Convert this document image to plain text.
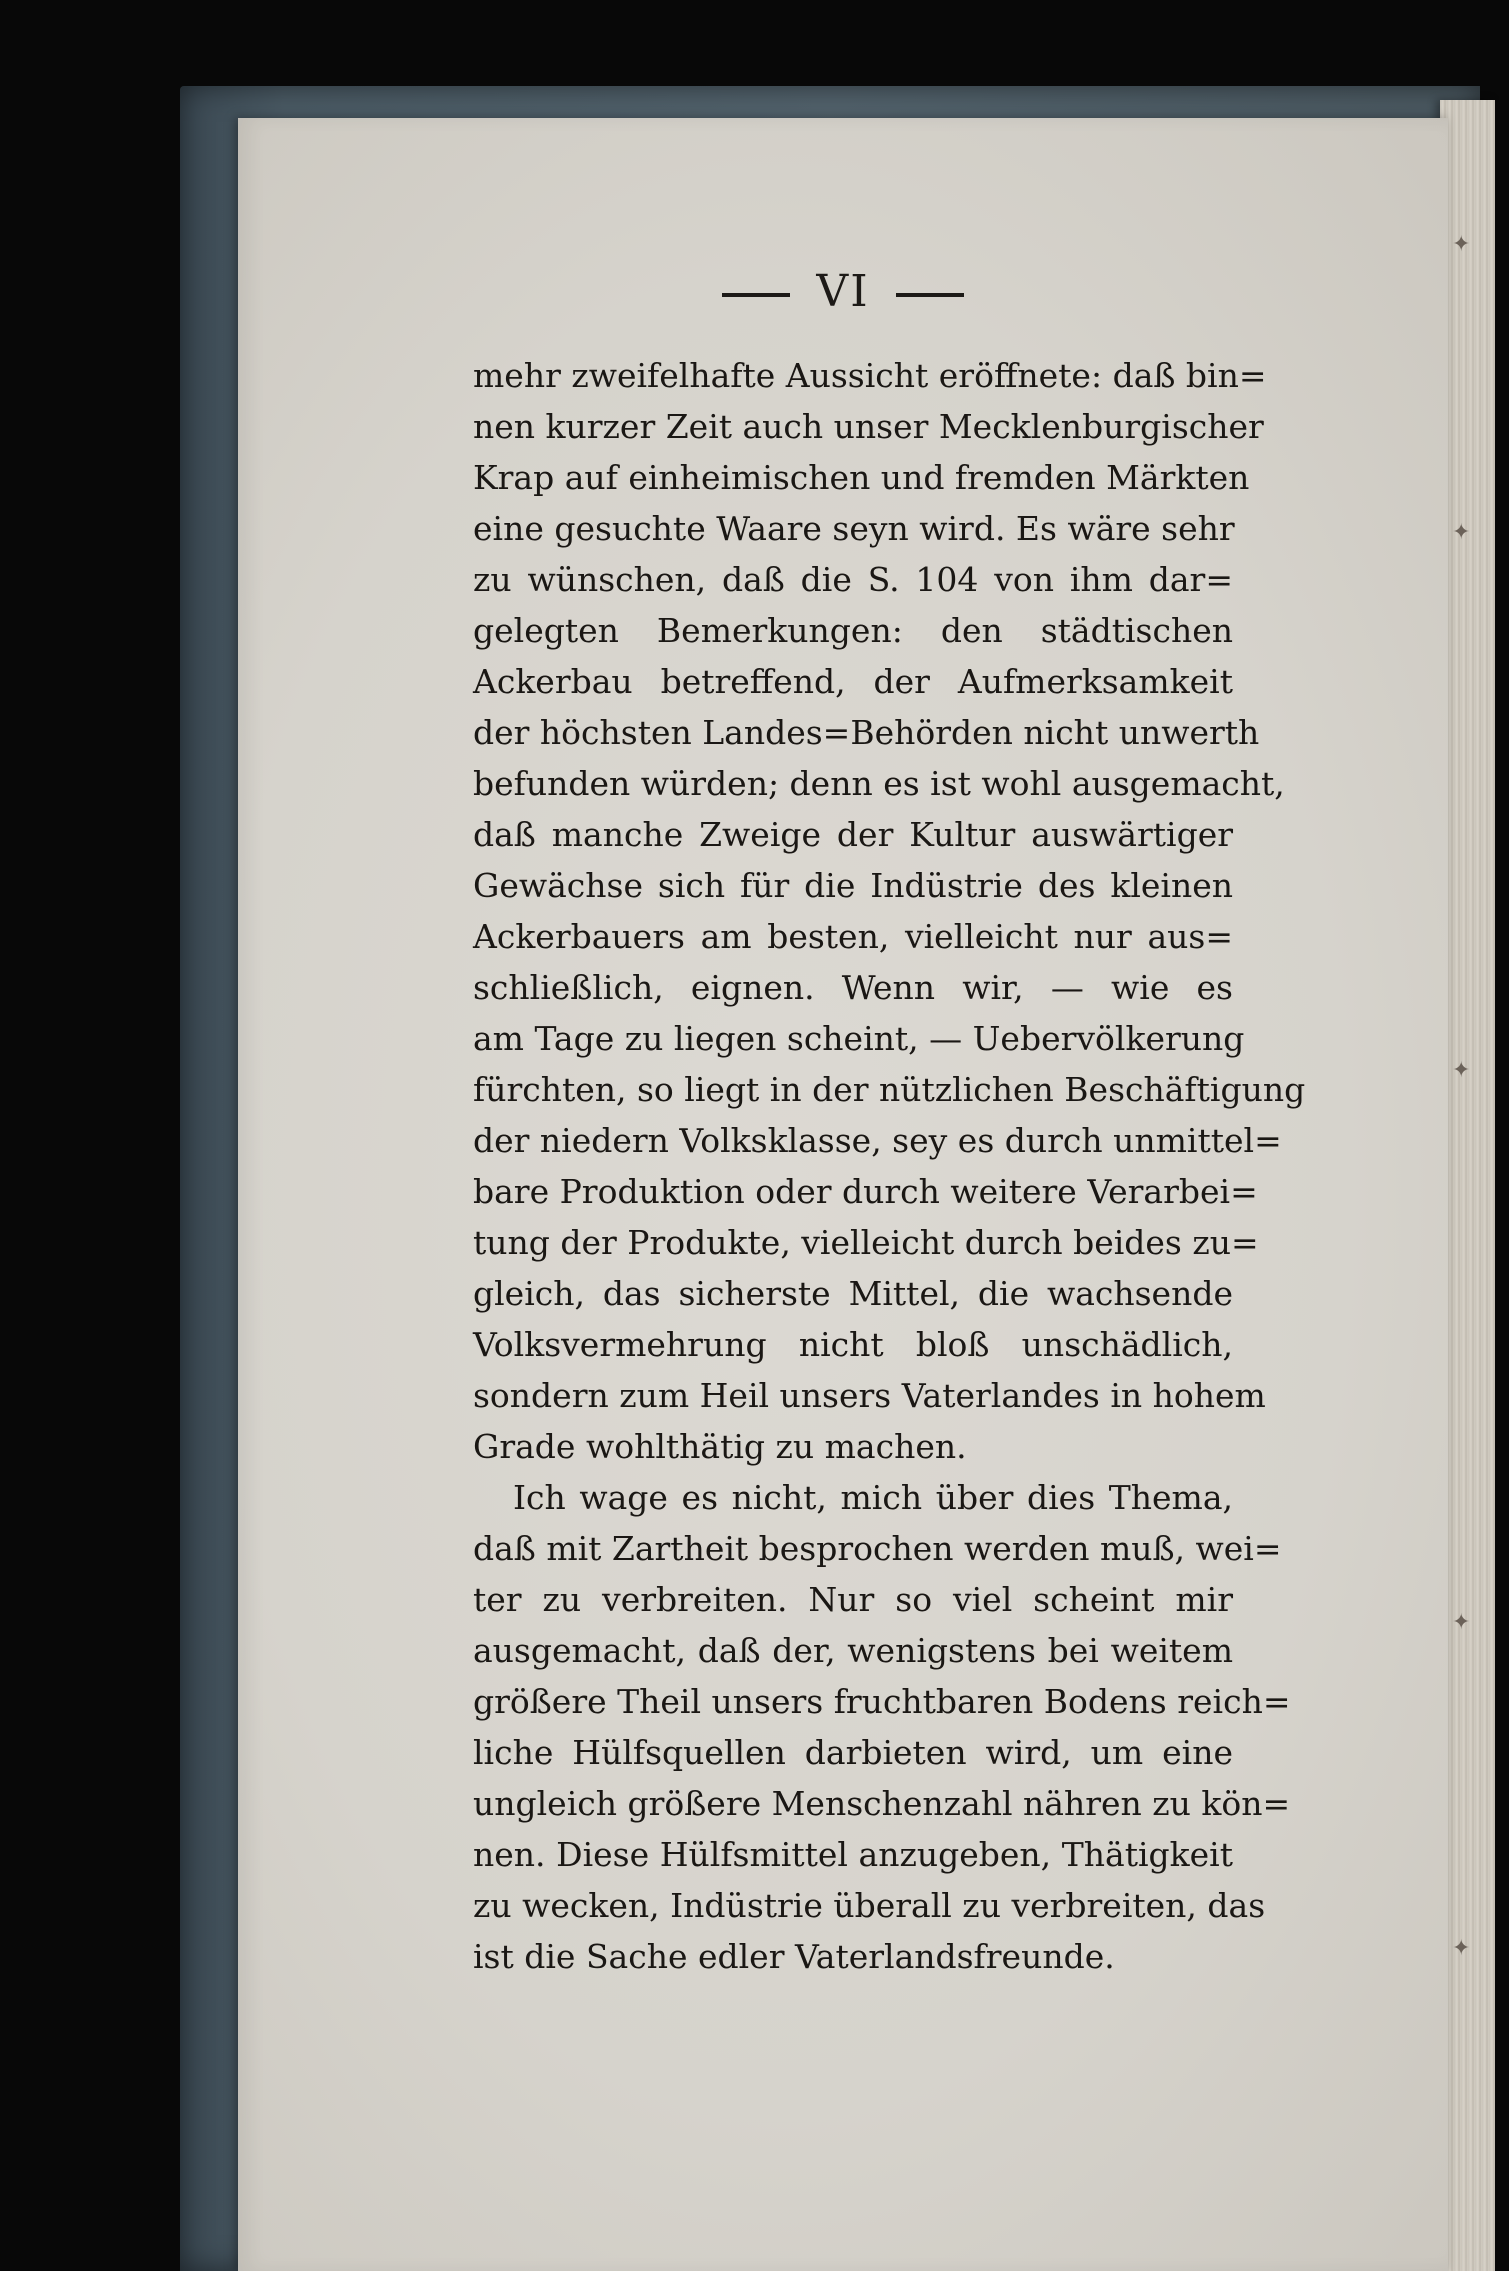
VI
mehr zweifelhafte Aussicht eröffnete: daß bin=
nen kurzer Zeit auch unser Mecklenburgischer
Krap auf einheimischen und fremden Märkten
eine gesuchte Waare seyn wird. Es wäre sehr
zu wünschen, daß die S. 104 von ihm dar=
gelegten Bemerkungen: den städtischen
Ackerbau betreffend, der Aufmerksamkeit
der höchsten Landes=Behörden nicht unwerth
befunden würden; denn es ist wohl ausgemacht,
daß manche Zweige der Kultur auswärtiger
Gewächse sich für die Indüstrie des kleinen
Ackerbauers am besten, vielleicht nur aus=
schließlich, eignen. Wenn wir, — wie es
am Tage zu liegen scheint, — Uebervölkerung
fürchten, so liegt in der nützlichen Beschäftigung
der niedern Volksklasse, sey es durch unmittel=
bare Produktion oder durch weitere Verarbei=
tung der Produkte, vielleicht durch beides zu=
gleich, das sicherste Mittel, die wachsende
Volksvermehrung nicht bloß unschädlich,
sondern zum Heil unsers Vaterlandes in hohem
Grade wohlthätig zu machen.
Ich wage es nicht, mich über dies Thema,
daß mit Zartheit besprochen werden muß, wei=
ter zu verbreiten. Nur so viel scheint mir
ausgemacht, daß der, wenigstens bei weitem
größere Theil unsers fruchtbaren Bodens reich=
liche Hülfsquellen darbieten wird, um eine
ungleich größere Menschenzahl nähren zu kön=
nen. Diese Hülfsmittel anzugeben, Thätigkeit
zu wecken, Indüstrie überall zu verbreiten, das
ist die Sache edler Vaterlandsfreunde.
✦
✦
✦
✦
✦
